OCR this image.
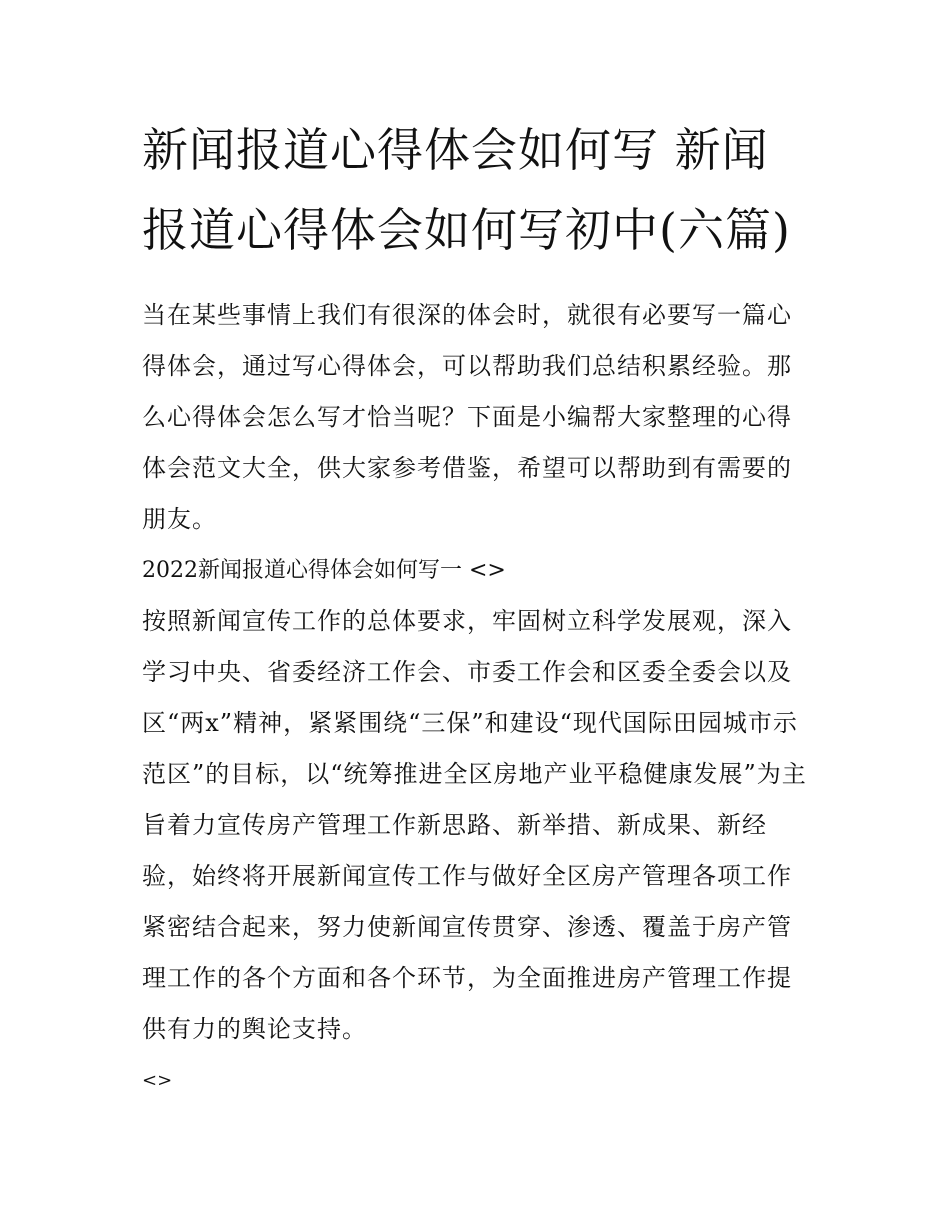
新闻报道心得体会如何写 新闻报道心得体会如何写初中(六篇)

当在某些事情上我们有很深的体会时，就很有必要写一篇心得体会，通过写心得体会，可以帮助我们总结积累经验。那么心得体会怎么写才恰当呢？下面是小编帮大家整理的心得体会范文大全，供大家参考借鉴，希望可以帮助到有需要的朋友。

2022新闻报道心得体会如何写一 <>

按照新闻宣传工作的总体要求，牢固树立科学发展观，深入学习中央、省委经济工作会、市委工作会和区委全委会以及区“两x”精神，紧紧围绕“三保”和建设“现代国际田园城市示范区”的目标，以“统筹推进全区房地产业平稳健康发展”为主旨着力宣传房产管理工作新思路、新举措、新成果、新经验，始终将开展新闻宣传工作与做好全区房产管理各项工作紧密结合起来，努力使新闻宣传贯穿、渗透、覆盖于房产管理工作的各个方面和各个环节，为全面推进房产管理工作提供有力的舆论支持。

<>
